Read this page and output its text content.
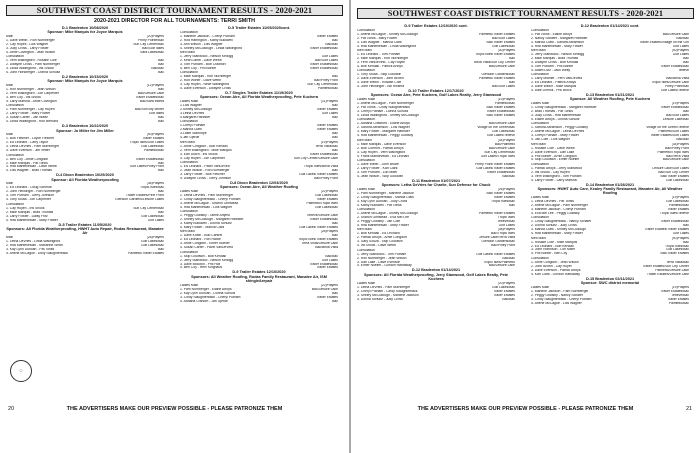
SOUTHWEST COAST DISTRICT TOURNAMENT RESULTS - 2020-2021
2020-2021 DIRECTOR FOR ALL TOURNAMENTS: TERRI SMITH
D-1 Bradenton 10/08/2020
Sponsor: Mike Marquis for Joyce Marquis
Main	(20)Players
1. Dave Webb - Ron Nurnberger	Pinny Pointe/Bac
2. Cay Rupell - Lois Wagner	Sun City Center/Bac
3. Judy Cross - Larry Fowler	Bac/Golf lakes
4. Arnie Covington - Jean Wilson	Sara Lakes/Bac
Consolation
1. Vern Wallingford - Rosalie Cole	Bac
2. Dwayne Cross - Pam Nurnberger	Bac
3. Linda Wallingford - Iris Snook	Bac/Bac
4. John Horsberger - Donna Schultz	Bac
D-2 Bradenton 10/15/2020
Sponsor: Mike Marquis for Joyce Marquis
Main	(12)Players
1. Ron Nurnberger - Jean Wilson	Bac
2. Vern Wallingford - Joe Carpenter	Bac/Leisure Lake
3. Ben Coy - Iris Snook	Trailer Estates/Bac
4. Larry Marsha - Arnie Covington	Bac/Sara esteta
Consolation
1. Pam Nurnberger - Cay Huyeh	Bac/Sun city center
2. Larry Fowler - Mary Fowler	Golf lakes
3. Susan Carter - Jan Walsh	Bac
4. Linda Wallingford - Ron Bernard	Bac
D-3 Bradenton 10/22/2020
Sponsor: Jo Miller for Jim Miller
Main	(40)Players
1. Bob Fletcher - Loyce Fletcher	Trailer Estates
2. Ed Leonard - Larry Taylor	Tropic Isles/Golf Lakes
3. Letha DeVries - Pam Nurnberger	Golf Lakes/Bac
4. Dave Evenson - Jim Vetter	Palmetto/Bac
Consolation
1. Ben Coy - Arnie Congdon	Trailer Estates/Bac
2. Mike Marquis - Pat Tonks	Bac
3. Rita Mantenesian - Dave Webb	Golf Lakes/Piney Point
4. Lois Wagner - Brad Thomas	Bac
D-4 Dixon Bradenton 10/29/2020
Sponsor: All Florida Weatherproofing
Main	(36)Players
1. Ed Leonard - Doug Schmidt	Tropic Isles/Bac
2. John Heckinger - Ron Nurnberger	Bac
3. Tom Putnam - Gerry Johnson	Trailer Estates/Pine Point
4. Tony Skuta - Joe Carpenter	Glendon Gardens/Leisure Lakes
Consolation
1. Cay Huyeh - Iris Snook	Sun City Center/Bac
2. Mike Marquis - Brad Thomas	Bac
3. Larry Fowler - Daisy Fritz	Golf Lakes/Bac
4. Rita Mantenesian - Mary Fowler	Golf Lakes
D-5 Trailer Estates 11/05/2020
Sponsors: All Florida Weatherproofing, HWHT Auto Repair, Rodas Restaurant, Manatee Air
Main	(28)Players
1. Letha DeVries - Linda Wallingford	Golf Lakes/Bac
2. Rita Mantenesian - Marianne Smith	Golf Lakes/Bac
3. Kay Lynn Duncan - Pat Tonks	Bac
4. Arlene McCague - Dolly Slaughterback	Palmetto/Trailer Estates
D-5 Trailer Estates 11/05/2020cont.
Consolation
1. Marlene Jackson - Cheryl Putnam	Trailer Estates
2. Rod Harrington - Kathy Buckwell	Bac
3. Ann Wilson - Lois Wagner	Bac/Bac
4. Shirley McCullough - Linda Wallingford	Trailer Estates/Bac
Men Main
1. Jerry Stanwood - Nelson Kellogg	Golf Lakes
2. Keith Lamb - Dave Webb	Bac/Golf Lakes
3. Tom Putnam - Bob Crawford	Trailer Estates/Bac
4. Ben Coy - Phil Bonter	Trailer Estates/Bac
Consolation
1. Mike Marquis - Ron Nurnberger	Bac
2. Ron Wilner - Dave Webb	Bac/Piney Point
3. Cay Huyeh - Newt Wallingford	Sun City Center/Bac
4. Dave Evenson - Dwayne Cross	Palmetto/Bac
D-7 Singles Trailer Estates 11/19/2020
Sponsors: Ocean Aire, All Florida Weatherproofing, Pete Kuchera
Ladies Main	(11)Players
1.Lois Wagner	Bac
2.Shirley McCullough	Trailer Estates
3.Letha DeVries	Golf Lakes
4.Margaret Harbster	Bac
Consolation
1.Cheryl Putnam	Trailer Estates
2.Marcia Clark	Trailer Estates
3.Lottie Stanhope	Bac
4.Jan Gjerde	Bac
Men Main	(19)Players
1. Arnie Congdon - Bob Kendall	Terra Vista/Bac
2. Vern Wallingford - Mike Marquis	Bac
3. Earl Dutch - Iris Snook	Trailer Estates/Bac
4. Cay Huyeh - Joe Carpenter	Sun City Center/Leisure Lake
Consolation
1. Ed Leonard - Pavel VanDeVeld	Tropic Isles/Bella Vista
2. Jean Wilson - Ron Nurnberger	Bac
3. Larry Fowler - Bob Fletcher	Golf Lakes/Trailer Estates
4. Dwayne Cross - Gerry Johnson	Bac/Piney Point
D-8 Dixon Bradenton 12/03/2020
Sponsors: Ocean Aire, All Weather Roofing
Ladies Main	(22)Players
1. Letha DeVries - Pam Nurnberger	Golf Lakes/Bac
2. Cindy Slaughterback - Cheryl Putnam	Trailer Estates
3. Arlene McCague - Sharon Olmstead	Palmetto/Tropic Isles
4. Rita Mantenesian - Lois Wagner	Golf Lakes/Bac
Consolation
1. Peggy Goldsby - Tamie Artymo	Tebeve/Leisure Lake
2. Shirley McCullough - Margaret Harbster	Trailer Estates/Bac
3. Kathy Buckwell - Donna Schultz	Bac
4. Mary Fowler - Marcia Clark	Golf Lakes/Trailer Estates
Men Main	(28)Players
1. Dave Kubin - Bob Cantrel	Bac
2. Ed Leonard - Ron Rafoth	Tropic Isles/Trailer Estates
3. Arnie Congdon - Elmer Noeller	Terra Vista/Leisure Lake
4. Susan Carter - Pavel VanDeVeld	Bac/Bella Vista
Consolation
1. Skip Goodwin - Bob Kendall	Bac/Bac
2. Jerry Stanwood - Nelson Kellogg	Golf Lakes
3. Dave Moulton - Phil Holt	Trailer Estates/Bac
4. Ben Coy - Herv Kinghaus	Trailer Estates
D-9 Trailer Estates 12/10/2020
Sponsors: All Weather Roofing, Rodas Family Restaurant, Manatee Air, ISM shingle&repair
Ladies Main	(22)Players
1. Pam Nurnberger - Elaine Artoys	Bac/Leisure Lake
2. Kay Lynn Duncan - Donna Schultz	Bac
3. Cindy Slaughterback - Cheryl Putnam	Trailer Estates
4. Adriana Crahom - Jan Gjerde	Bac
◯
20	THE ADVERTISERS MAKE OUR PREVIEW POSSIBLE - PLEASE PATRONIZE THEM
SOUTHWEST COAST DISTRICT TOURNAMENT RESULTS - 2020-2021
D-9 Trailer Estates 12/10/2020 cont.
Consolation
1. Arlene McCague - Shirley McCullough	Palmetto/Trailer Estates
2. Pat Tonks - Mary Fowler	Bac/Golf Lakes
3. Lois Wagner - Marcia Clark	Bac/Trailer Estates
4. Rita Mantenesian - Linda Wallingford	Golf Lakes/Bac
Men Main	(30)Players
1. Ed Leonard - Tom Putnam	Tropic Isles/Trailer Estates
2. Mike Marquis - Ron Nurnberger	Bac
3. Fern VanDeVeld - Cay Huyeh	Bella Vista/Sun City Center
4. Bob Kendall - Patrick Artoys	Bac/Leisure Lake
Consolation
1. Tony Skuta - Skip Goodwin	Glendon Gardens/Bac
2. Dave Evenson - John Brown	Palmetto/Trailer Estates
3. Dave Welch - Rosalie Cole	Bac
4. John Heckinger - Bill Ristima	Bac/Golf Lakes
D-10 Trailer Estates 12/17/2020
Sponsors: Ocean Aire, Pete Kuchera, Golf Lakes Realty, Jerry Stanwood
Ladies Main	(19)Players
1. Arlene McCague - Pam Nurnberger	Palmetto/Bac
2. Pat Tonks - Cindy Slaughterback	Bac/Trailer Estates
3. Cheryl Putnam - Donna Schultz	Trailer Estates/Bac
4. Linda Wallingford - Shirley McCullough	Bac/Trailer Estates
Consolation
1. Adriana Crawford - Elaine Artoys	Bac/Leisure Lake
2. Sandra Abramson - Lois Wagner	Village on the Green/Bac
3. Mary Fowler - Margaret Harbster	Golf Lakes/Bac
4. Rita Mantenesian - Peggy Goldsby	Golf Lakes/Tebeve
Men Main	(34)Players
1. Mike Marquis - Dave Evenson	Bac/Palmetto
2. Bob Comfort - Patrick Artoys	Bac/Leisure Lake
3. Cay Huyeh - Vern Wallingford	Sun City Center/Bac
4. Frank Mandevelan - Ed Leonard	Golf Lakes/Tropic Isles
Consolation
1. Dave Webb - John Brown	Piney Point/Trailer Estates
2. Larry Fowler - Karl Clark	Golf Lakes/Trailer Estates
3. Tom Putnam - Lori Miller	Trailer Estates/Bac
4. Jean Wilson - Skip Goodwin	Bac/Bac
D-11 Bradenton 01/07/2021
Sponsors: Letha DeVries for Charlie, Sun Defense for Chuck
Ladies Main	(26)Players
1. Pam Nurnberger - Marlene Jackson	Bac/Trailer Estates
2. Cindy Slaughterback - Marcia Clark	Trailer Estates
3. Kay Lynn Duncan - Judy Cross	Tropic Isles/Bac
4. Kathy Buckwell - Pat Tonks	Bac
Consolation
1. Arlene McCague - Shirley McCullough	Palmetto/Trailer Estates
2. Sharon Olmstead - Eva Mei Lee	Tropic Isles
3. Peggy Goldsby - Jan Cole	Tebeve/Bac
4. Rita Mantenesian - Mary Fowler	Golf Lakes
Men Main	(38)Players
1. Bob Kendall - Ed Leonard	Bac/Tropic Isles
2. Patrick Artoys - Arnie Congdon	Leisure Lake/Terra Vista
3. Gary Souza - Skip Goodwin	Glendon Gardens/Bac
4. Ira Snook - Dave Webb	Bac/Piney Point
Consolation
1. Jerry Stanwood - Tom Putnam	Golf Lakes/Trailer Estates
2. Ron Nurnberger - Jean Wilson	Bac/Bac
3. Dan Lake - Dave Evenson	Tropic Isles/Palmetto
4. Elmer Noeller - Gordon Hathaway	Bac/Leisure Lake
D-12 Bradenton 01/14/2021
Sponsors: All Florida Weatherproofing, Jerry Stanwood, Golf Lakes Realty, Pete Kuchera
Ladies Main	(20)Players
1. Letha DeVries - Pam Nurnberger	Golf Lakes/Bac
2. Cheryl Putnam - Cindy Slaughterback	Trailer Estates
3. Shirley McCullough - Marlene Jackson	Trailer Estates
4. Donna Schultz - Judy Cross	Bac/Bac
D-12 Bradenton 01/14/2021 cont.
Consolation
1. Pat Tonks - Elaine Artoys	Bac/Leisure Lake
2. Nancy Schafer - Margaret Harbster	Bac/Bac
3. Marcia Clark - Sandra Abramson	Trailer Estates/Village on the Grn
4. Rita Mantenesian - Mary Fowler	Golf Lakes
Men Main	(40)Players
1. Jerry Stanwood - Nelson Kellogg	Golf Lakes
2. Mike Marquis - Brad Thomas	Bac
3. Dwayne Cross - Bob Kendall	Bac
4. Tom Putnam - Phil Bonter	Trailer Estates/Bac
4. Adam Lutz - Jack Welty	Tebeve
Consolation
1. Larry Mueller - Fern VanDeVeld	Bac/Bella Vista
2. Ed Leonard - Patrick Artoys	Tropic Isles/Leisure Lake
3. Dave Welch - Mike Marquis	Piney Point/Bac
4. Dale Dimroll - Phil Brock	Golf Lakes/Tebeve
D-13 Bradenton 01/21/2021
Sponsor: All Weather Roofing, Pete Kuchera
Ladies Main	(19)Players
1. Cindy Slaughterback - Margaret Harbster	Trailer Estates/Bac
2. Brad Thomas - Pat Tonks	Bac
3. Judy Cross - Rita Mantenesian	Bac/Golf Lakes
4. Elaine Artoys - Donna Schultz	Leisure Lake/Bac
Consolation
1. Sandra Abramson - Peggy Goldsby	Village on the Green/Tebeve
2. Arlene McCague - Letha DeVries	Palmetto/Golf Lakes
3. Cheryl Putnam - Mary Fowler	Trailer Estates/Golf Lakes
4. Jan Cole - Lois Wagner	Bac/Bac
Men Main	(34)Players
1. Rosalie Cole - Dave Webb	Bac/Piney Point
2. Dave Evenson - Dan Lake	Palmetto/Tropic Isles
3. Phil Bonter - Arnie Congdon	Bac/Terra Vista
4. Skip Goodwin - Elmer Noeller	Bac/Leisure Lake
Consolation
1. Patrick Artoys - Jerry Stanwood	Leisure Lake/Golf Lakes
2. Iris Snook - Cay Huyeh	Bac/Sun City Center
3. Vern Wallingford - Tom Putnam	Bac/Trailer Estates
4. Larry Fowler - Larry Marsha	Golf Lakes/Bac
D-14 Bradenton 01/28/2021
Sponsors: HWHT Auto Care, Kealey Family Restaurant, Manatee Air, All Weather Roofing
Ladies Main	(19)Players
1. Letha DeVries - Pat Tonks	Golf Lakes/Bac
2. Arlene McCague - Pam Nurnberger	Palmetto/Bac
3. Marlene Jackson - Cheryl Putnam	Trailer Estates
4. Eva Mei Lee - Peggy Goldsby	Tropic Isles/Tebeve
Consolation
1. Cindy Slaughterback - Nancy Schafer	Trailer Estates/Bac
2. Donna Schultz - Judy Cross	Bac
3. Marcia Clark - Shirley McCullough	Trailer Estates/Trailer Estates
4. Rita Mantenesian - Mary Fowler	Golf Lakes
Men Main	(40)Players
1. Rosalie Cole - Mike Marquis	Bac
2. Ed Leonard - Bob Kendall	Tropic Isles/Bac
3. John Robinson - Lori Miller	Golf Lakes/Bac
4. Phil Bonter - Ben Coy	Bac/Trailer Estates
Consolation
1. Arnie Congdon - Jean Wilson	Terra Vista/Bac
2. John Brown - Cay Huyeh	Trailer Estates/Sun City Center
3. Dave Evenson - Patrick Artoys	Palmetto/Leisure Lake
4. Karl Clark - Gordon Hathaway	Trailer Estates/Leisure Lake
D-15 Bradenton 02/11/2021
Sponsor: SWC district memorial
Ladies Main	(19)Players
1. Marlene Jackson - Pam Nurnberger	Trailer Estates/Bac
2. Peggy Goldsby - Nancy Schafer	Tebeve/Bac
3. Cindy Slaughterback - Cheryl Putnam	Trailer Estates
4. Arlene McCague - Lois Wagner	Palmetto/Bac
THE ADVERTISERS MAKE OUR PREVIEW POSSIBLE - PLEASE PATRONIZE THEM	21
